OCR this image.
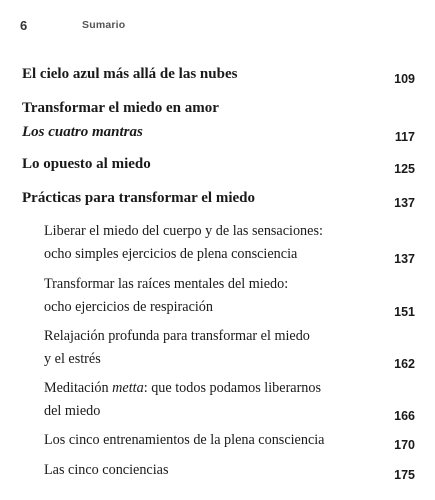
6	Sumario
El cielo azul más allá de las nubes	109
Transformar el miedo en amor
Los cuatro mantras	117
Lo opuesto al miedo	125
Prácticas para transformar el miedo	137
Liberar el miedo del cuerpo y de las sensaciones:
ocho simples ejercicios de plena consciencia	137
Transformar las raíces mentales del miedo:
ocho ejercicios de respiración	151
Relajación profunda para transformar el miedo
y el estrés	162
Meditación metta: que todos podamos liberarnos
del miedo	166
Los cinco entrenamientos de la plena consciencia	170
Las cinco conciencias	175
